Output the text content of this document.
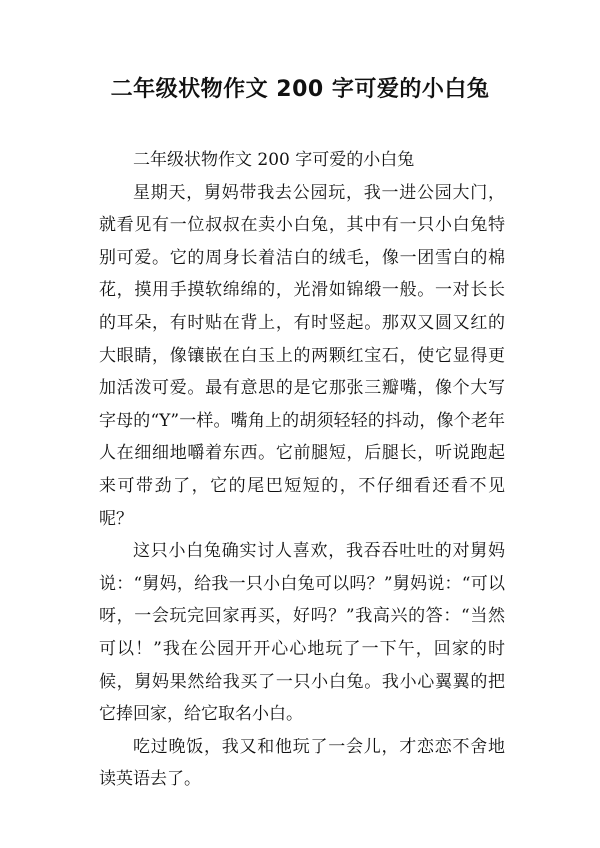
二年级状物作文 200 字可爱的小白兔

二年级状物作文 200 字可爱的小白兔

星期天，舅妈带我去公园玩，我一进公园大门，就看见有一位叔叔在卖小白兔，其中有一只小白兔特别可爱。它的周身长着洁白的绒毛，像一团雪白的棉花，摸用手摸软绵绵的，光滑如锦缎一般。一对长长的耳朵，有时贴在背上，有时竖起。那双又圆又红的大眼睛，像镶嵌在白玉上的两颗红宝石，使它显得更加活泼可爱。最有意思的是它那张三瓣嘴，像个大写字母的“Y”一样。嘴角上的胡须轻轻的抖动，像个老年人在细细地嚼着东西。它前腿短，后腿长，听说跑起来可带劲了，它的尾巴短短的，不仔细看还看不见呢？

这只小白兔确实讨人喜欢，我吞吞吐吐的对舅妈说：“舅妈，给我一只小白兔可以吗？”舅妈说：“可以呀，一会玩完回家再买，好吗？”我高兴的答：“当然可以！”我在公园开开心心地玩了一下午，回家的时候，舅妈果然给我买了一只小白兔。我小心翼翼的把它捧回家，给它取名小白。

吃过晚饭，我又和他玩了一会儿，才恋恋不舍地读英语去了。
